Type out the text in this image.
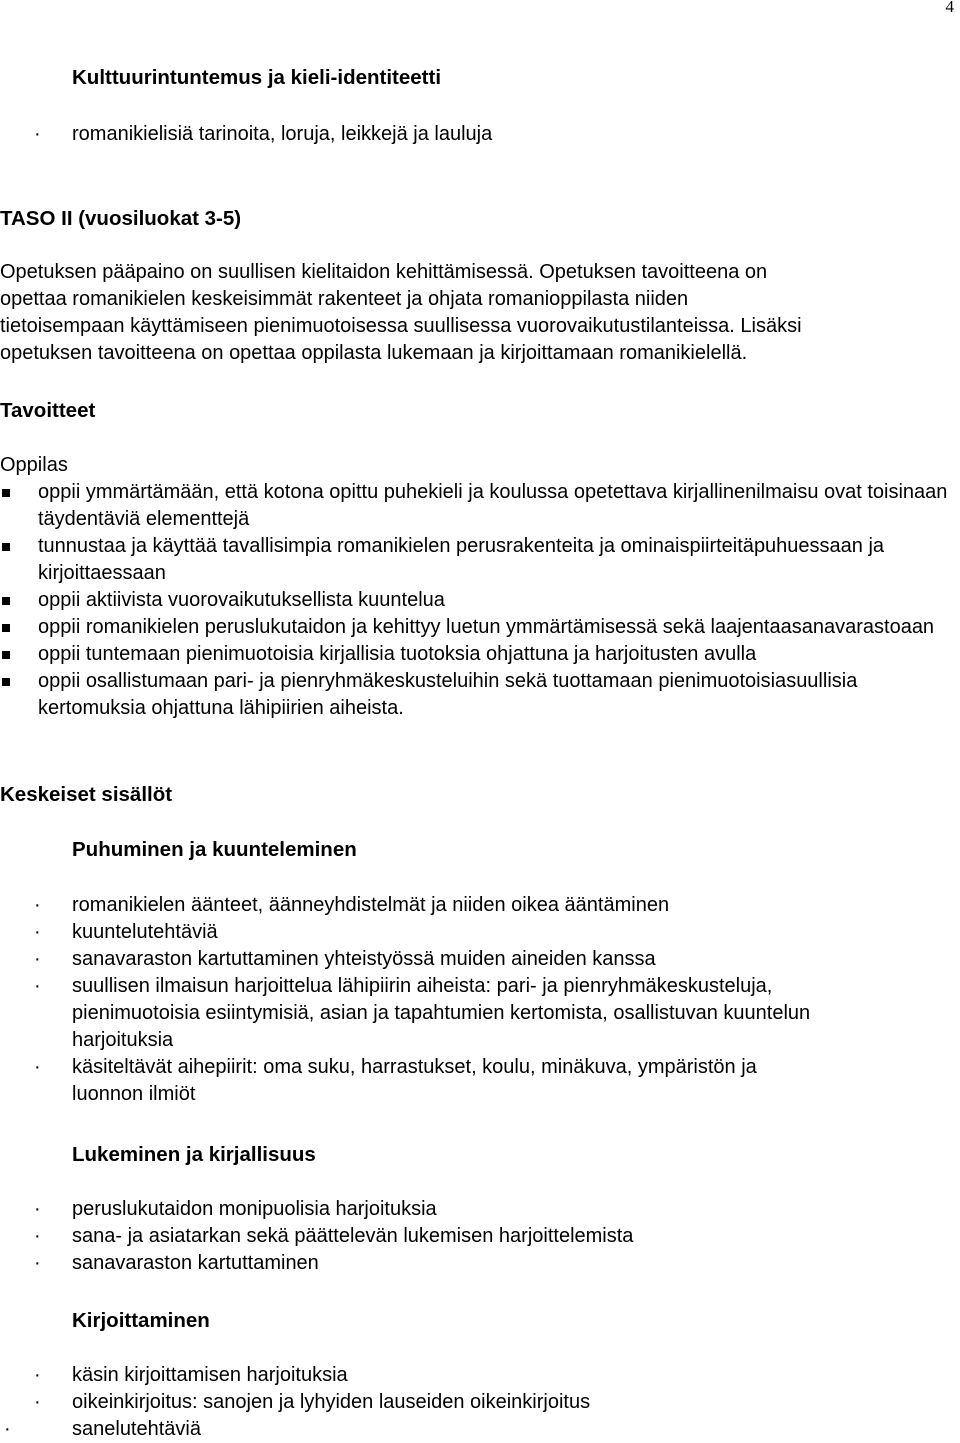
4
Kulttuurintuntemus ja kieli-identiteetti
· romanikielisiä tarinoita, loruja, leikkejä ja lauluja
TASO II (vuosiluokat 3-5)
Opetuksen pääpaino on suullisen kielitaidon kehittämisessä. Opetuksen tavoitteena on
opettaa romanikielen keskeisimmät rakenteet ja ohjata romanioppilasta niiden
tietoisempaan käyttämiseen pienimuotoisessa suullisessa vuorovaikutustilanteissa. Lisäksi
opetuksen tavoitteena on opettaa oppilasta lukemaan ja kirjoittamaan romanikielellä.
Tavoitteet
Oppilas
oppii ymmärtämään, että kotona opittu puhekieli ja koulussa opetettava kirjallinenilmaisu ovat toisinaan täydentäviä elementtejä
tunnustaa ja käyttää tavallisimpia romanikielen perusrakenteita ja ominaispiirteitäpuhuessaan ja kirjoittaessaan
oppii aktiivista vuorovaikutuksellista kuuntelua
oppii romanikielen peruslukutaidon ja kehittyy luetun ymmärtämisessä sekä laajentaasanavarastoaan
oppii tuntemaan pienimuotoisia kirjallisia tuotoksia ohjattuna ja harjoitusten avulla
oppii osallistumaan pari- ja pienryhmäkeskusteluihin sekä tuottamaan pienimuotoisiasuullisia kertomuksia ohjattuna lähipiirien aiheista.
Keskeiset sisällöt
Puhuminen ja kuunteleminen
· romanikielen äänteet, äänneyhdistelmät ja niiden oikea ääntäminen
· kuuntelutehtäviä
· sanavaraston kartuttaminen yhteistyössä muiden aineiden kanssa
· suullisen ilmaisun harjoittelua lähipiirin aiheista: pari- ja pienryhmäkeskusteluja,
pienimuotoisia esiintymisiä, asian ja tapahtumien kertomista, osallistuvan kuuntelun
harjoituksia
· käsiteltävät aihepiirit: oma suku, harrastukset, koulu, minäkuva, ympäristön ja
luonnon ilmiöt
Lukeminen ja kirjallisuus
· peruslukutaidon monipuolisia harjoituksia
· sana- ja asiatarkan sekä päättelevän lukemisen harjoittelemista
· sanavaraston kartuttaminen
Kirjoittaminen
· käsin kirjoittamisen harjoituksia
· oikeinkirjoitus: sanojen ja lyhyiden lauseiden oikeinkirjoitus
·	sanelutehtäviä
